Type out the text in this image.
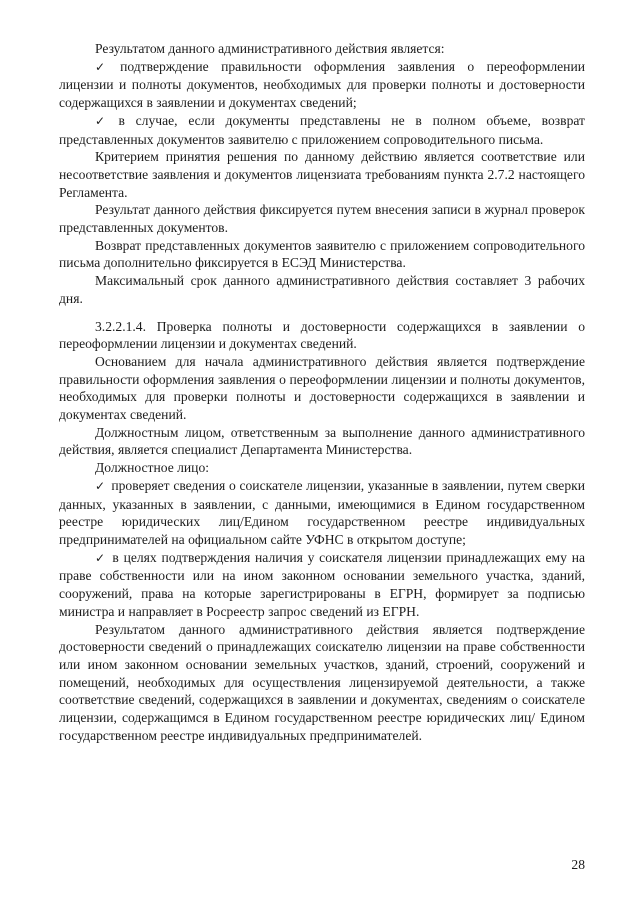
Результатом данного административного действия является:

✓ подтверждение правильности оформления заявления о переоформлении лицензии и полноты документов, необходимых для проверки полноты и достоверности содержащихся в заявлении и документах сведений;

✓ в случае, если документы представлены не в полном объеме, возврат представленных документов заявителю с приложением сопроводительного письма.

Критерием принятия решения по данному действию является соответствие или несоответствие заявления и документов лицензиата требованиям пункта 2.7.2 настоящего Регламента.

Результат данного действия фиксируется путем внесения записи в журнал проверок представленных документов.

Возврат представленных документов заявителю с приложением сопроводительного письма дополнительно фиксируется в ЕСЭД Министерства.

Максимальный срок данного административного действия составляет 3 рабочих дня.

3.2.2.1.4. Проверка полноты и достоверности содержащихся в заявлении о переоформлении лицензии и документах сведений.

Основанием для начала административного действия является подтверждение правильности оформления заявления о переоформлении лицензии и полноты документов, необходимых для проверки полноты и достоверности содержащихся в заявлении и документах сведений.

Должностным лицом, ответственным за выполнение данного административного действия, является специалист Департамента Министерства.

Должностное лицо:

✓ проверяет сведения о соискателе лицензии, указанные в заявлении, путем сверки данных, указанных в заявлении, с данными, имеющимися в Едином государственном реестре юридических лиц/Едином государственном реестре индивидуальных предпринимателей на официальном сайте УФНС в открытом доступе;

✓ в целях подтверждения наличия у соискателя лицензии принадлежащих ему на праве собственности или на ином законном основании земельного участка, зданий, сооружений, права на которые зарегистрированы в ЕГРН, формирует за подписью министра и направляет в Росреестр запрос сведений из ЕГРН.

Результатом данного административного действия является подтверждение достоверности сведений о принадлежащих соискателю лицензии на праве собственности или ином законном основании земельных участков, зданий, строений, сооружений и помещений, необходимых для осуществления лицензируемой деятельности, а также соответствие сведений, содержащихся в заявлении и документах, сведениям о соискателе лицензии, содержащимся в Едином государственном реестре юридических лиц/ Едином государственном реестре индивидуальных предпринимателей.

28
